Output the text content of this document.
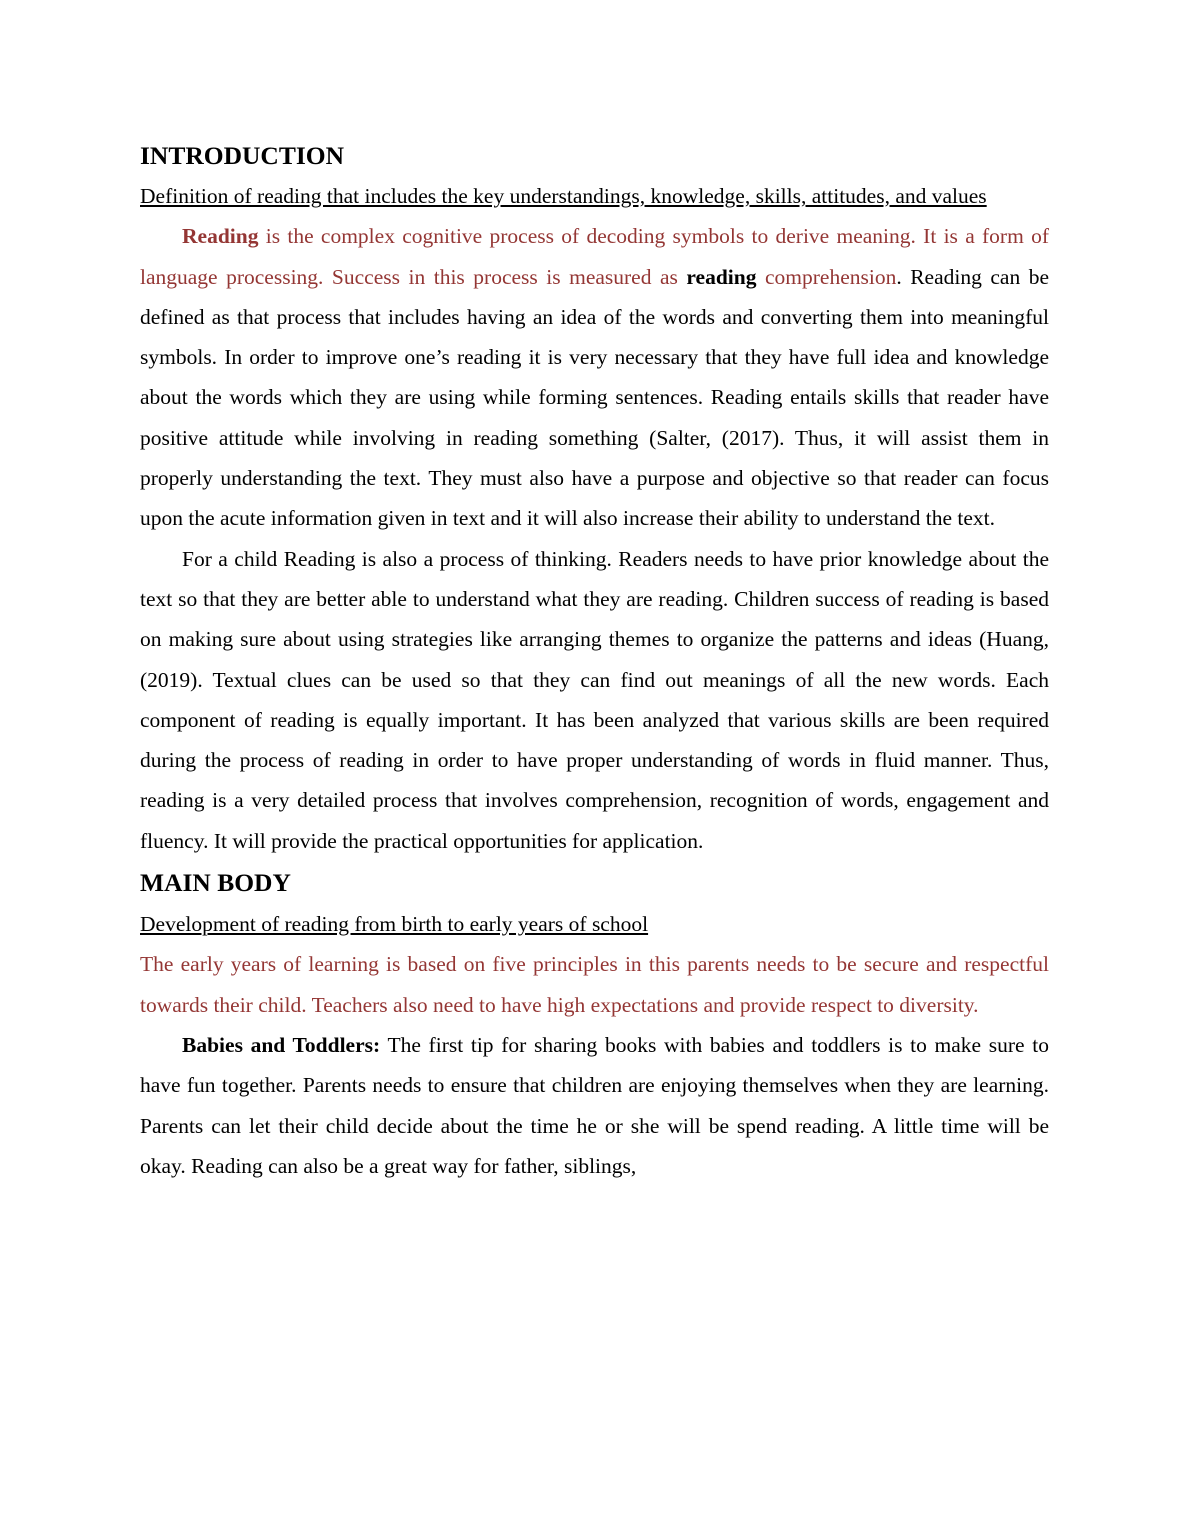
INTRODUCTION
Definition of reading that includes the key understandings, knowledge, skills, attitudes, and values

Reading is the complex cognitive process of decoding symbols to derive meaning. It is a form of language processing. Success in this process is measured as reading comprehension. Reading can be defined as that process that includes having an idea of the words and converting them into meaningful symbols. In order to improve one’s reading it is very necessary that they have full idea and knowledge about the words which they are using while forming sentences. Reading entails skills that reader have positive attitude while involving in reading something (Salter, (2017). Thus, it will assist them in properly understanding the text. They must also have a purpose and objective so that reader can focus upon the acute information given in text and it will also increase their ability to understand the text.

For a child Reading is also a process of thinking. Readers needs to have prior knowledge about the text so that they are better able to understand what they are reading. Children success of reading is based on making sure about using strategies like arranging themes to organize the patterns and ideas (Huang, (2019). Textual clues can be used so that they can find out meanings of all the new words. Each component of reading is equally important. It has been analyzed that various skills are been required during the process of reading in order to have proper understanding of words in fluid manner. Thus, reading is a very detailed process that involves comprehension, recognition of words, engagement and fluency. It will provide the practical opportunities for application.

MAIN BODY
Development of reading from birth to early years of school

The early years of learning is based on five principles in this parents needs to be secure and respectful towards their child. Teachers also need to have high expectations and provide respect to diversity.

Babies and Toddlers: The first tip for sharing books with babies and toddlers is to make sure to have fun together. Parents needs to ensure that children are enjoying themselves when they are learning. Parents can let their child decide about the time he or she will be spend reading. A little time will be okay. Reading can also be a great way for father, siblings,
